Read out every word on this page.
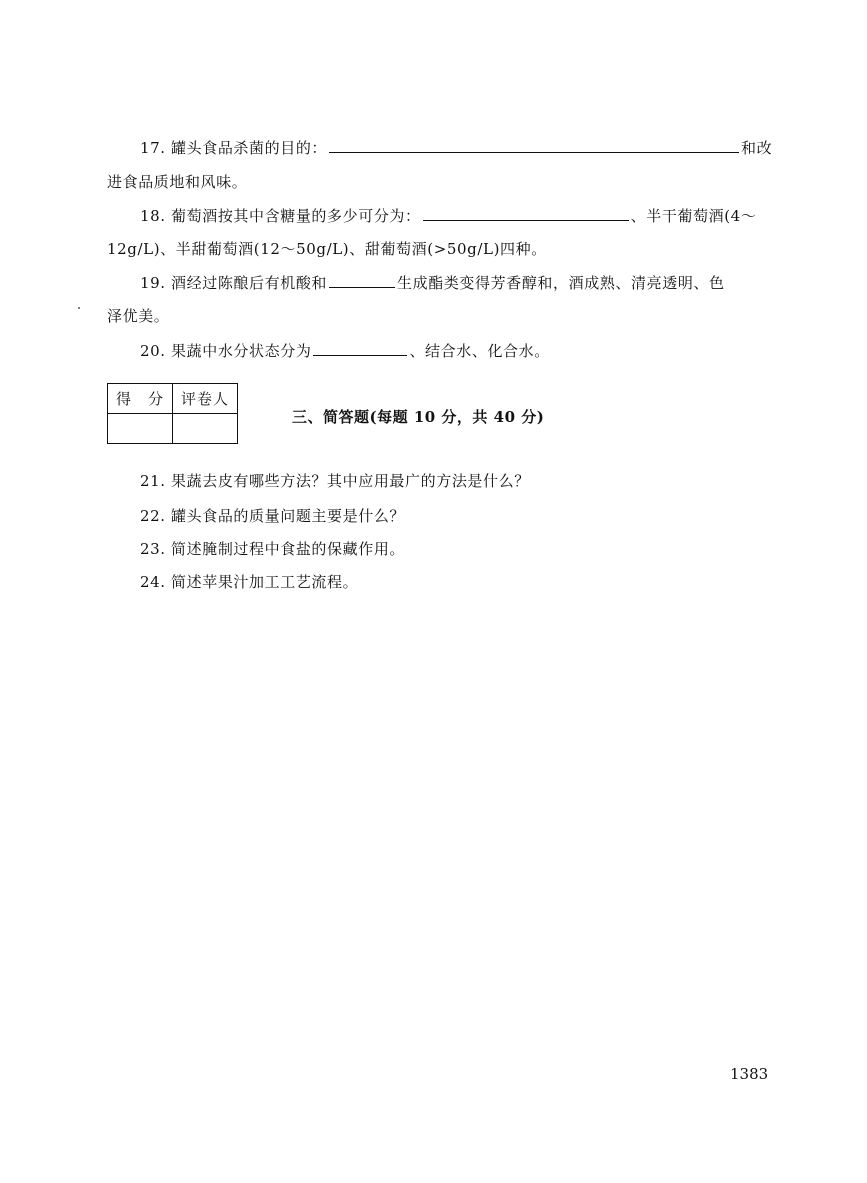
17. 罐头食品杀菌的目的：	和改
进食品质地和风味。
18. 葡萄酒按其中含糖量的多少可分为：	、半干葡萄酒(4～
12g/L)、半甜葡萄酒(12～50g/L)、甜葡萄酒(>50g/L)四种。
19. 酒经过陈酿后有机酸和	生成酯类变得芳香醇和，酒成熟、清亮透明、色
泽优美。
20. 果蔬中水分状态分为	、结合水、化合水。
得　分	评卷人

三、简答题(每题 10 分，共 40 分)
21. 果蔬去皮有哪些方法？其中应用最广的方法是什么？
22. 罐头食品的质量问题主要是什么？
23. 简述腌制过程中食盐的保藏作用。
24. 简述苹果汁加工工艺流程。
1383
